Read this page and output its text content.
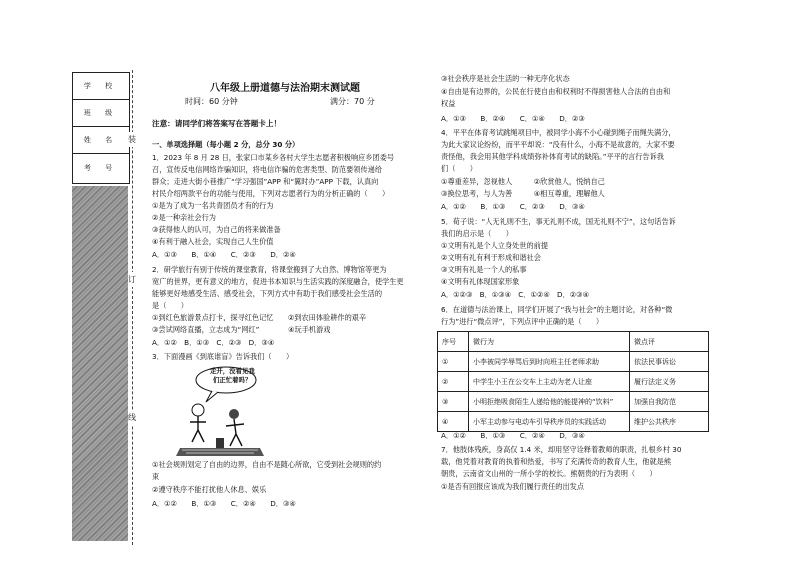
学 校
班 级
姓 名
考 号
装
订
线
八年级上册道德与法治期末测试题
时间：60 分钟	满分：70 分
注意：请同学们将答案写在答题卡上！
一、单项选择题（每小题 2 分，总分 30 分）
1．2023 年 8 月 28 日，张家口市某乡各村大学生志愿者积极响应乡团委号
召，宣传反电信网络诈骗知识，将电信诈骗的危害类型、防范要领传递给
群众；走进大街小巷推广“学习强国”APP 和“翼时办”APP 下载，认真向
村民介绍两款平台的功能与使用，下列对志愿者行为的分析正确的（　　）
①是为了成为一名共青团员才有的行为
②是一种亲社会行为
③获得他人的认可，为自己的将来做准备
④有利于融入社会，实现自己人生价值
A．①③　　B．①④　　C．②③　　D．②④
2．研学旅行有别于传统的课堂教育，将课堂搬到了大自然、博物馆等更为
宽广的世界，更有意义的地方，促进书本知识与生活实践的深度融合，使学生更
能够更好地感受生活、感受社会，下列方式中有助于我们感受社会生活的
是（　　）
①到红色旅游景点打卡，探寻红色记忆　　②到农田体验耕作的艰辛
③尝试网络直播，立志成为“网红”　　　　④玩手机游戏
A．①②　B．①③　C．②③　D．③④
3．下面漫画《到底谁盲》告诉我们（　　）
走开，没看见我
们正忙着吗？
①社会规则划定了自由的边界，自由不是随心所欲，它受到社会规则的约
束
②遵守秩序不能打扰他人休息、娱乐
A．①②　　B．①③　　C．②④　　D．③④
③社会秩序是社会生活的一种无序化状态
④自由是有边界的，公民在行使自由和权利时不得损害他人合法的自由和
权益
A．①③　　B．②④　　C．①④　　D．②③
4．平平在体育考试跳绳项目中，被同学小海不小心碰到绳子而绳失满分，
为此大家议论纷纷，而平平却说：“没有什么，小海不是故意的，大家不要
责怪他，我会用其他学科成绩弥补体育考试的缺陷。”平平的言行告诉我
们（　　）
①尊重差异，忽视他人　　　②欣赏他人，悦纳自己
③换位思考，与人为善　　　④相互尊重，理解他人
A．①②　　B．①③　　C．②③　　D．③④
5．荀子说：“人无礼则不生，事无礼则不成，国无礼则不宁”，这句话告诉
我们的启示是（　　）
①文明有礼是个人立身处世的前提
②文明有礼有利于形成和谐社会
③文明有礼是一个人的私事
④文明有礼体现国家形象
A．①②③　B．①③④　C．①②④　D．②③④
6．在道德与法治课上，同学们开展了“我与社会”的主题讨论，对各种“微
行为”进行“微点评”，下列点评中正确的是（　　）
序号	微行为	微点评
①	小李被同学辱骂后到时向班主任老师求助	依法民事诉讼
②	中学生小王在公交车上主动为老人让座	履行法定义务
③	小明拒绝吸食陌生人递给他的能提神的“饮料”	加强自我防范
④	小军主动参与电动车引导秩序员的实践活动	维护公共秩序
A．①②　　B．①③　　C．②④　　D．③④
7．他肢体残疾，身高仅 1.4 米，却用坚守诠释着教师的职责，扎根乡村 30
载，他凭着对教育的执着和热爱，书写了充满传奇的教育人生，他就是熊
朝贵，云南省文山州的一所小学的校长。熊朝贵的行为表明（　　）
①是否有回报应该成为我们履行责任的出发点
